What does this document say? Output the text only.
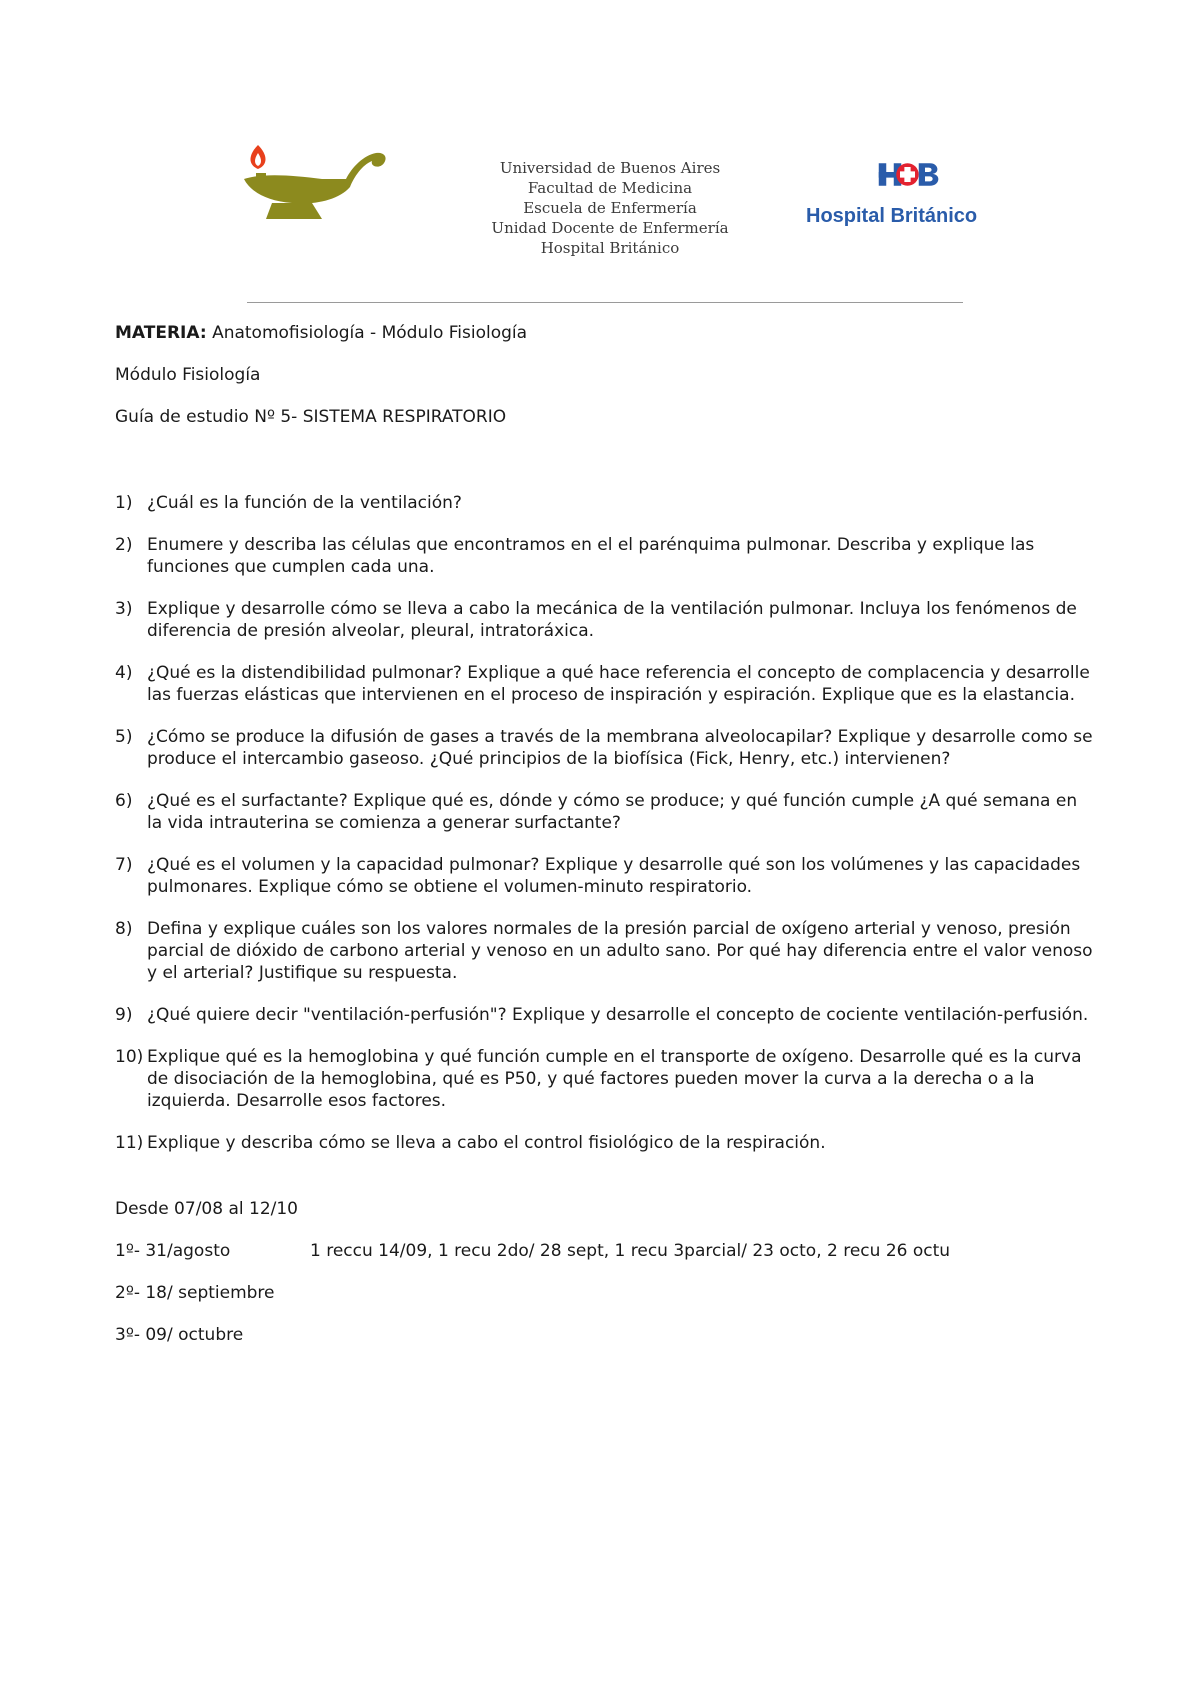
Universidad de Buenos Aires
Facultad de Medicina
Escuela de Enfermería
Unidad Docente de Enfermería
Hospital Británico
Hospital Británico
MATERIA: Anatomofisiología - Módulo Fisiología
Módulo Fisiología
Guía de estudio Nº 5- SISTEMA RESPIRATORIO
1) ¿Cuál es la función de la ventilación?
2) Enumere y describa las células que encontramos en el el parénquima pulmonar. Describa y explique las funciones que cumplen cada una.
3) Explique y desarrolle cómo se lleva a cabo la mecánica de la ventilación pulmonar. Incluya los fenómenos de diferencia de presión alveolar, pleural, intratoráxica.
4) ¿Qué es la distendibilidad pulmonar? Explique a qué hace referencia el concepto de complacencia y desarrolle las fuerzas elásticas que intervienen en el proceso de inspiración y espiración. Explique que es la elastancia.
5) ¿Cómo se produce la difusión de gases a través de la membrana alveolocapilar? Explique y desarrolle como se produce el intercambio gaseoso. ¿Qué principios de la biofísica (Fick, Henry, etc.) intervienen?
6) ¿Qué es el surfactante? Explique qué es, dónde y cómo se produce; y qué función cumple ¿A qué semana en la vida intrauterina se comienza a generar surfactante?
7) ¿Qué es el volumen y la capacidad pulmonar? Explique y desarrolle qué son los volúmenes y las capacidades pulmonares. Explique cómo se obtiene el volumen-minuto respiratorio.
8) Defina y explique cuáles son los valores normales de la presión parcial de oxígeno arterial y venoso, presión parcial de dióxido de carbono arterial y venoso en un adulto sano. Por qué hay diferencia entre el valor venoso y el arterial? Justifique su respuesta.
9) ¿Qué quiere decir "ventilación-perfusión"? Explique y desarrolle el concepto de cociente ventilación-perfusión.
10) Explique qué es la hemoglobina y qué función cumple en el transporte de oxígeno. Desarrolle qué es la curva de disociación de la hemoglobina, qué es P50, y qué factores pueden mover la curva a la derecha o a la izquierda. Desarrolle esos factores.
11) Explique y describa cómo se lleva a cabo el control fisiológico de la respiración.
Desde 07/08 al 12/10
1º- 31/agosto	1 reccu 14/09, 1 recu 2do/ 28 sept, 1 recu 3parcial/ 23 octo, 2 recu 26 octu
2º- 18/ septiembre
3º- 09/ octubre
